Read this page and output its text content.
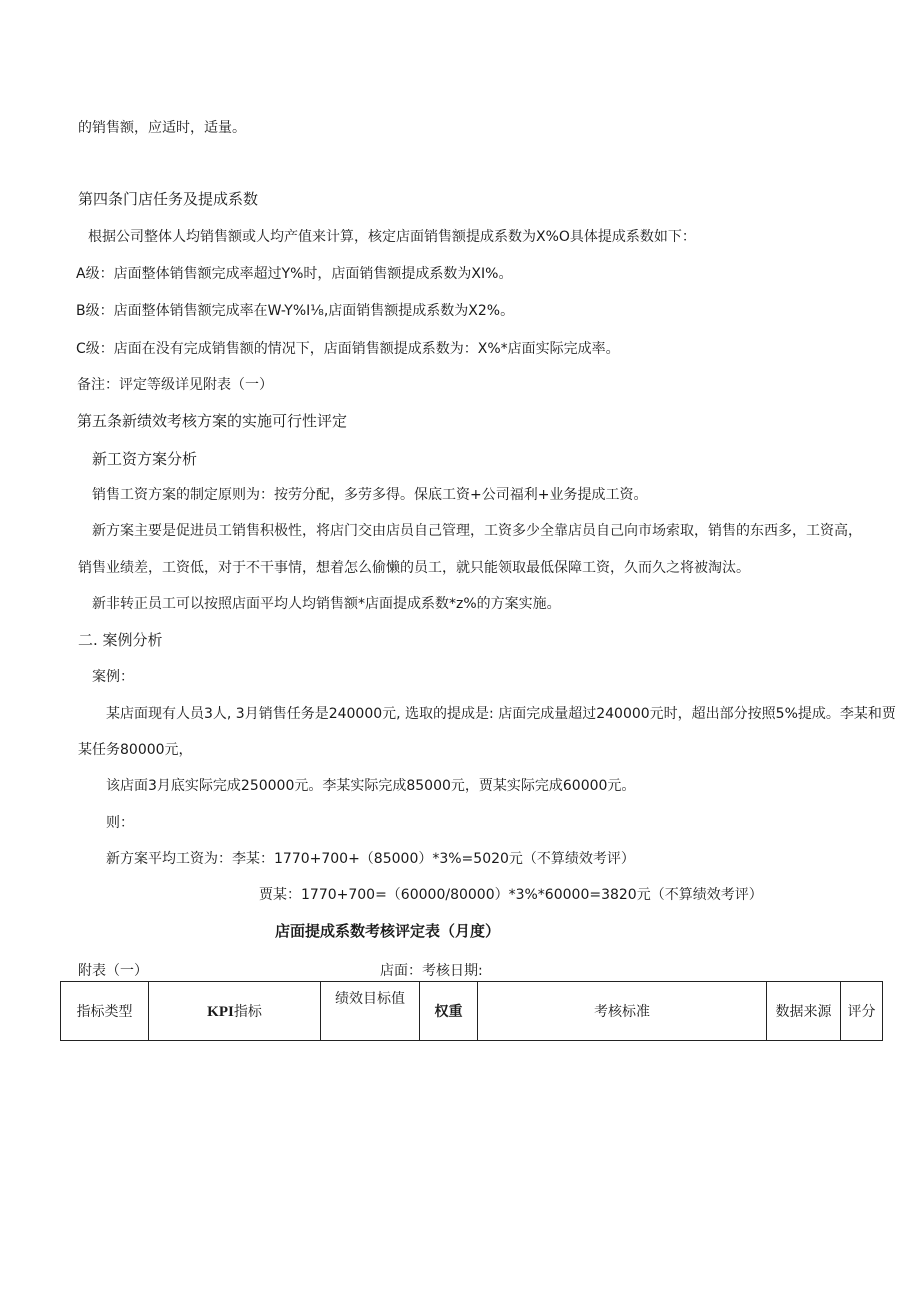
的销售额，应适时，适量。
第四条门店任务及提成系数
根据公司整体人均销售额或人均产值来计算，核定店面销售额提成系数为X%O具体提成系数如下：
A级：店面整体销售额完成率超过Y%时，店面销售额提成系数为XI%。
B级：店面整体销售额完成率在W-Y%I⅛,店面销售额提成系数为X2%。
C级：店面在没有完成销售额的情况下，店面销售额提成系数为：X%*店面实际完成率。
备注：评定等级详见附表（一）
第五条新绩效考核方案的实施可行性评定
新工资方案分析
销售工资方案的制定原则为：按劳分配，多劳多得。保底工资+公司福利+业务提成工资。
新方案主要是促进员工销售积极性，将店门交由店员自己管理，工资多少全靠店员自己向市场索取，销售的东西多，工资高，
销售业绩差，工资低，对于不干事情，想着怎么偷懒的员工，就只能领取最低保障工资，久而久之将被淘汰。
新非转正员工可以按照店面平均人均销售额*店面提成系数*z%的方案实施。
二. 案例分析
案例：
某店面现有人员3人, 3月销售任务是240000元, 选取的提成是: 店面完成量超过240000元时，超出部分按照5%提成。李某和贾
某任务80000元，
该店面3月底实际完成250000元。李某实际完成85000元，贾某实际完成60000元。
则：
新方案平均工资为：李某：1770+700+（85000）*3%=5020元（不算绩效考评）
贾某：1770+700=（60000/80000）*3%*60000=3820元（不算绩效考评）
店面提成系数考核评定表（月度）
附表（一）	店面：考核日期:
指标类型	KPI指标	绩效目标值	权重	考核标准	数据来源	评分
